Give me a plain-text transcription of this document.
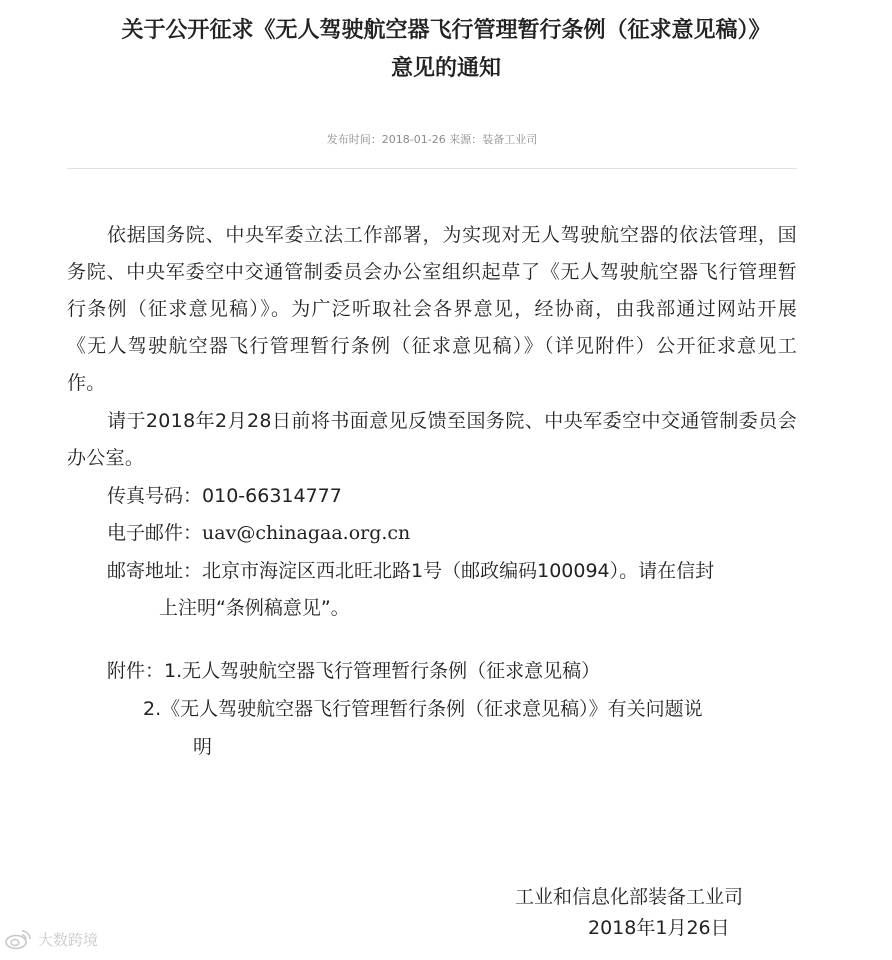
关于公开征求《无人驾驶航空器飞行管理暂行条例（征求意见稿）》
意见的通知
发布时间：2018-01-26 来源：装备工业司

依据国务院、中央军委立法工作部署，为实现对无人驾驶航空器的依法管理，国务院、中央军委空中交通管制委员会办公室组织起草了《无人驾驶航空器飞行管理暂行条例（征求意见稿）》。为广泛听取社会各界意见，经协商，由我部通过网站开展《无人驾驶航空器飞行管理暂行条例（征求意见稿）》（详见附件）公开征求意见工作。

请于2018年2月28日前将书面意见反馈至国务院、中央军委空中交通管制委员会办公室。

传真号码：010-66314777
电子邮件：uav@chinagaa.org.cn
邮寄地址：北京市海淀区西北旺北路1号（邮政编码100094）。请在信封
上注明“条例稿意见”。
附件：1.无人驾驶航空器飞行管理暂行条例（征求意见稿）
2.《无人驾驶航空器飞行管理暂行条例（征求意见稿）》有关问题说
明
工业和信息化部装备工业司
2018年1月26日
大数跨境
